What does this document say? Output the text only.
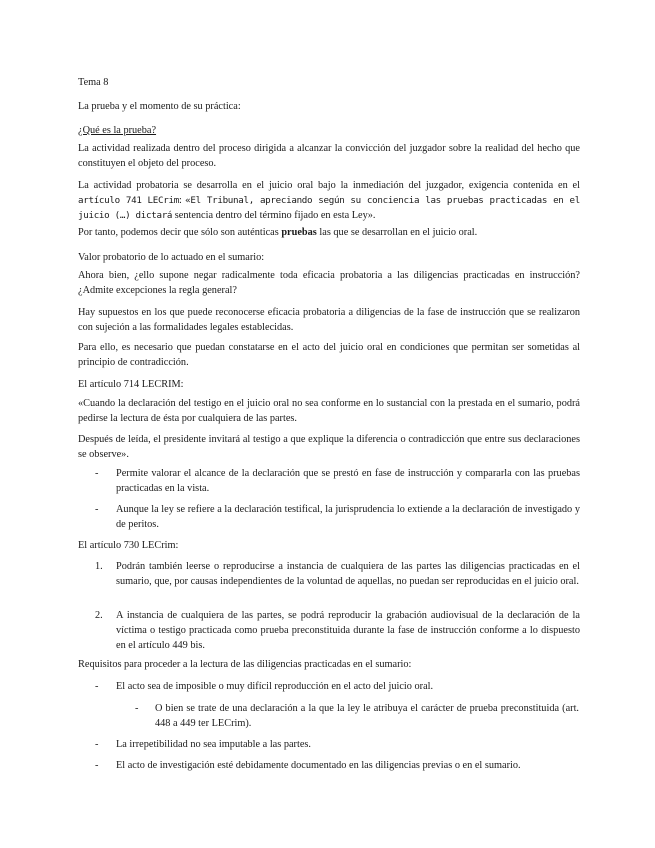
Tema 8

La prueba y el momento de su práctica:

¿Qué es la prueba?

La actividad realizada dentro del proceso dirigida a alcanzar la convicción del juzgador sobre la realidad del hecho que constituyen el objeto del proceso.

La actividad probatoria se desarrolla en el juicio oral bajo la inmediación del juzgador, exigencia contenida en el artículo 741 LECrim: «El Tribunal, apreciando según su conciencia las pruebas practicadas en el juicio (…) dictará sentencia dentro del término fijado en esta Ley».

Por tanto, podemos decir que sólo son auténticas pruebas las que se desarrollan en el juicio oral.

Valor probatorio de lo actuado en el sumario:

Ahora bien, ¿ello supone negar radicalmente toda eficacia probatoria a las diligencias practicadas en instrucción? ¿Admite excepciones la regla general?

Hay supuestos en los que puede reconocerse eficacia probatoria a diligencias de la fase de instrucción que se realizaron con sujeción a las formalidades legales establecidas.

Para ello, es necesario que puedan constatarse en el acto del juicio oral en condiciones que permitan ser sometidas al principio de contradicción.

El artículo 714 LECRIM:

«Cuando la declaración del testigo en el juicio oral no sea conforme en lo sustancial con la prestada en el sumario, podrá pedirse la lectura de ésta por cualquiera de las partes.

Después de leída, el presidente invitará al testigo a que explique la diferencia o contradicción que entre sus declaraciones se observe».

- Permite valorar el alcance de la declaración que se prestó en fase de instrucción y compararla con las pruebas practicadas en la vista.
- Aunque la ley se refiere a la declaración testifical, la jurisprudencia lo extiende a la declaración de investigado y de peritos.

El artículo 730 LECrim:

1. Podrán también leerse o reproducirse a instancia de cualquiera de las partes las diligencias practicadas en el sumario, que, por causas independientes de la voluntad de aquellas, no puedan ser reproducidas en el juicio oral.
2. A instancia de cualquiera de las partes, se podrá reproducir la grabación audiovisual de la declaración de la víctima o testigo practicada como prueba preconstituida durante la fase de instrucción conforme a lo dispuesto en el artículo 449 bis.

Requisitos para proceder a la lectura de las diligencias practicadas en el sumario:

- El acto sea de imposible o muy difícil reproducción en el acto del juicio oral.
- O bien se trate de una declaración a la que la ley le atribuya el carácter de prueba preconstituida (art. 448 a 449 ter LECrim).
- La irrepetibilidad no sea imputable a las partes.
- El acto de investigación esté debidamente documentado en las diligencias previas o en el sumario.
